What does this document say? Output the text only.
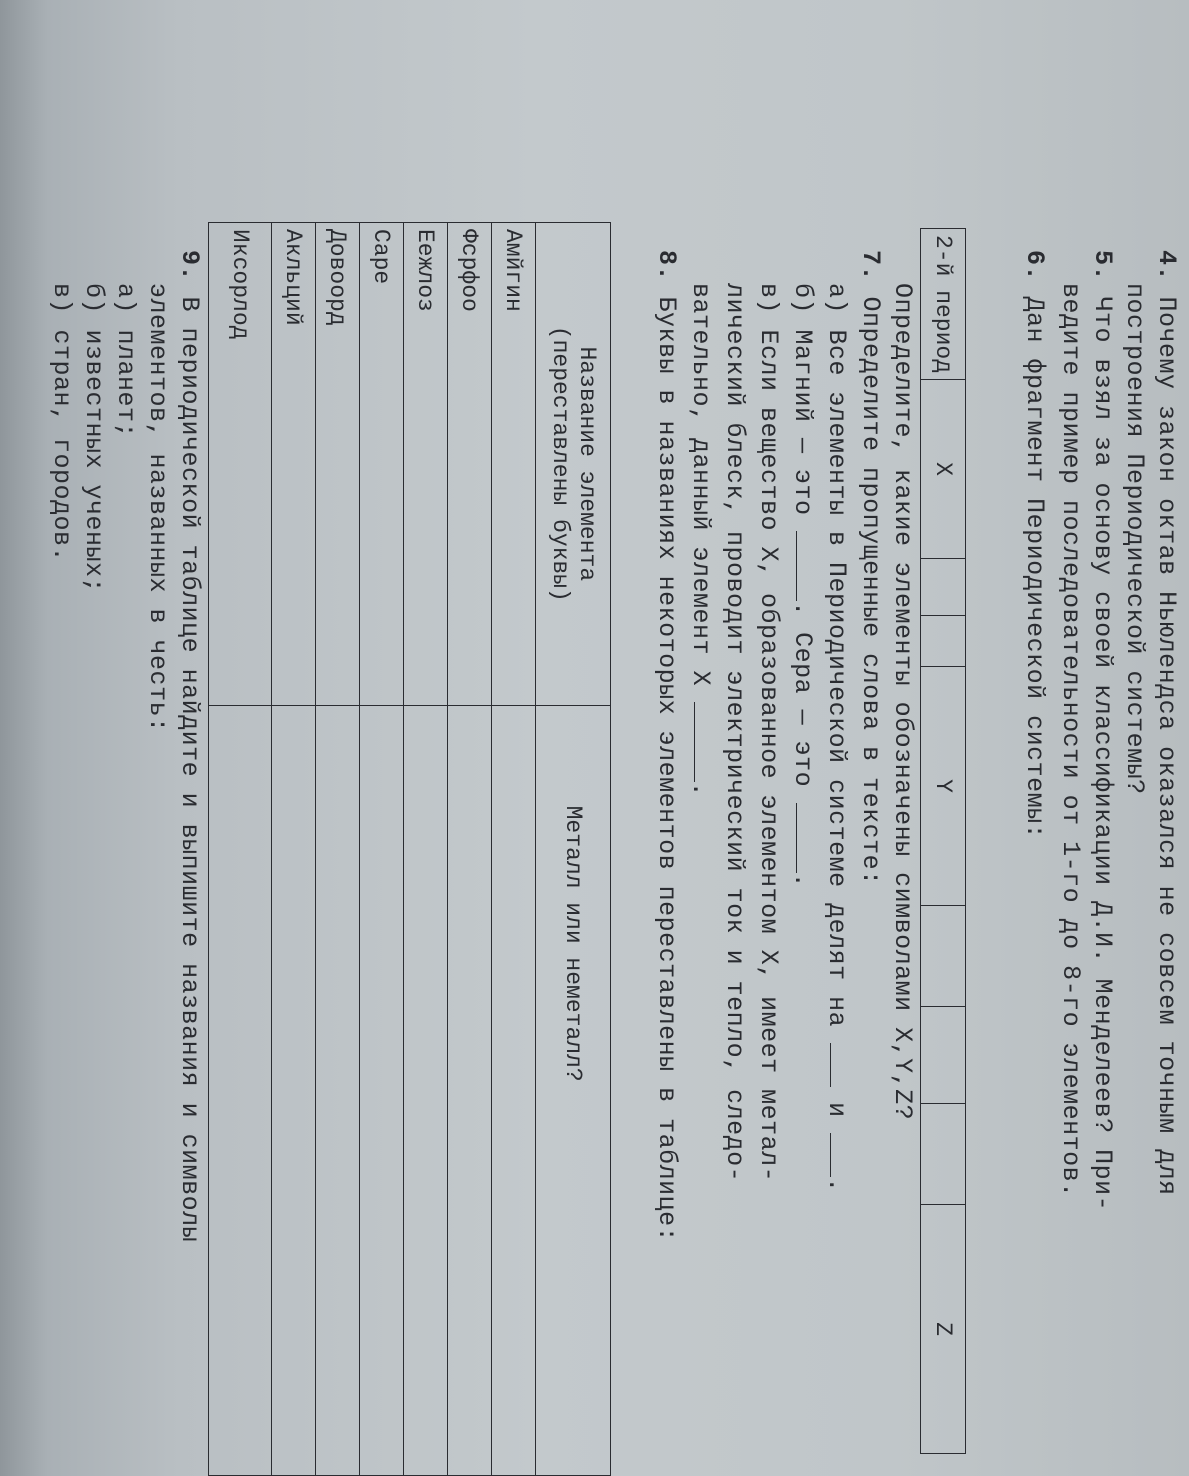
4. Почему закон октав Ньюлендса оказался не совсем точным для
построения Периодической системы?
5. Что взял за основу своей классификации Д.И. Менделеев? При-
ведите пример последовательности от 1-го до 8-го элементов.
6. Дан фрагмент Периодической системы:
2-й период	X			Y				Z
Определите, какие элементы обозначены символами X,Y,Z?
7. Определите пропущенные слова в тексте:
а) Все элементы в Периодической системе делят на  и .
б) Магний — это . Сера — это .
в) Если вещество X, образованное элементом X, имеет метал-
лический блеск, проводит электрический ток и тепло, следо-
вательно, данный элемент X .
8. Буквы в названиях некоторых элементов переставлены в таблице:
Название элемента
(переставлены буквы)	Металл или неметалл?
Амйгин	
Фсрфоо	
Еежлоз	
Саре	
Довоорд	
Акльций	
Иксорлод	
9. В периодической таблице найдите и выпишите названия и символы
элементов, названных в честь:
а) планет;
б) известных ученых;
в) стран, городов.
